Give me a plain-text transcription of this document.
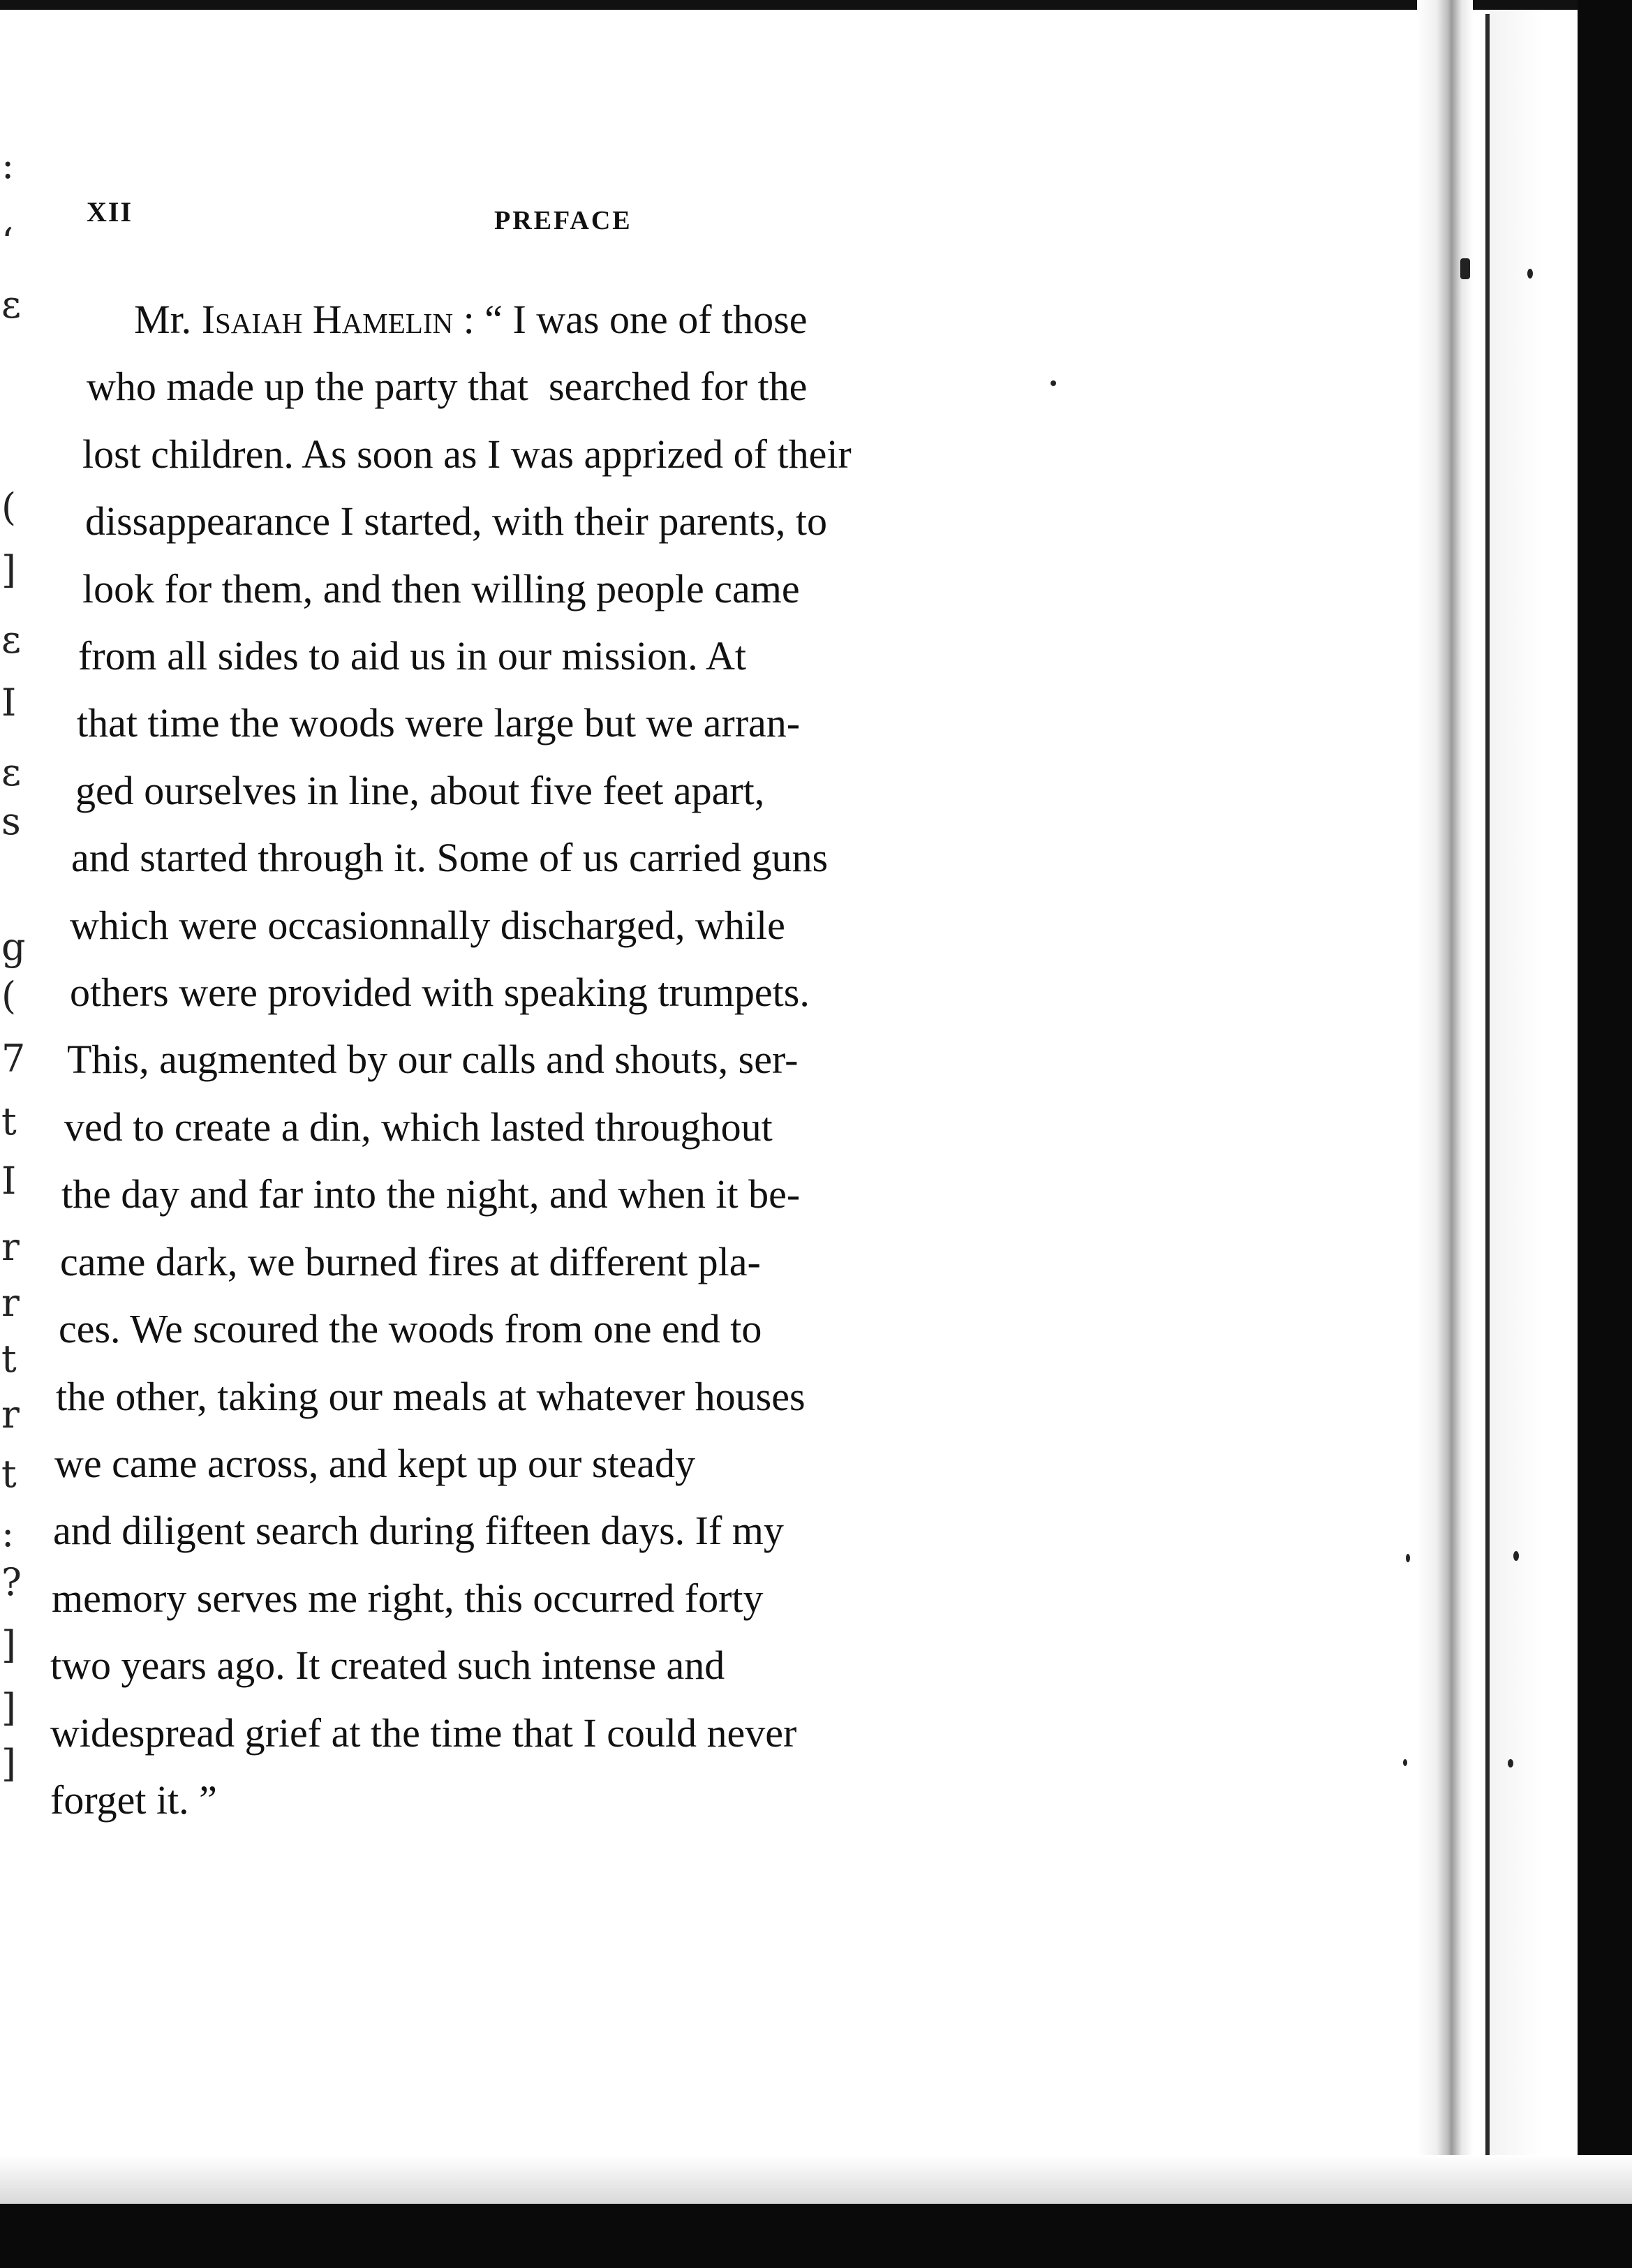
:
‘
ɛ
(
]
ɛ
I
ɛ
s
g
(
7
t
I
r
r
t
r
t
:
?
]
]
]
XII	PREFACE
Mr. Isaiah Hamelin : “ I was one of those
who made up the party that  searched for the
lost children. As soon as I was apprized of their
dissappearance I started, with their parents, to
look for them, and then willing people came
from all sides to aid us in our mission. At
that time the woods were large but we arran-
ged ourselves in line, about five feet apart,
and started through it. Some of us carried guns
which were occasionnally discharged, while
others were provided with speaking trumpets.
This, augmented by our calls and shouts, ser-
ved to create a din, which lasted throughout
the day and far into the night, and when it be-
came dark, we burned fires at different pla-
ces. We scoured the woods from one end to
the other, taking our meals at whatever houses
we came across, and kept up our steady
and diligent search during fifteen days. If my
memory serves me right, this occurred forty
two years ago. It created such intense and
widespread grief at the time that I could never
forget it. ”
